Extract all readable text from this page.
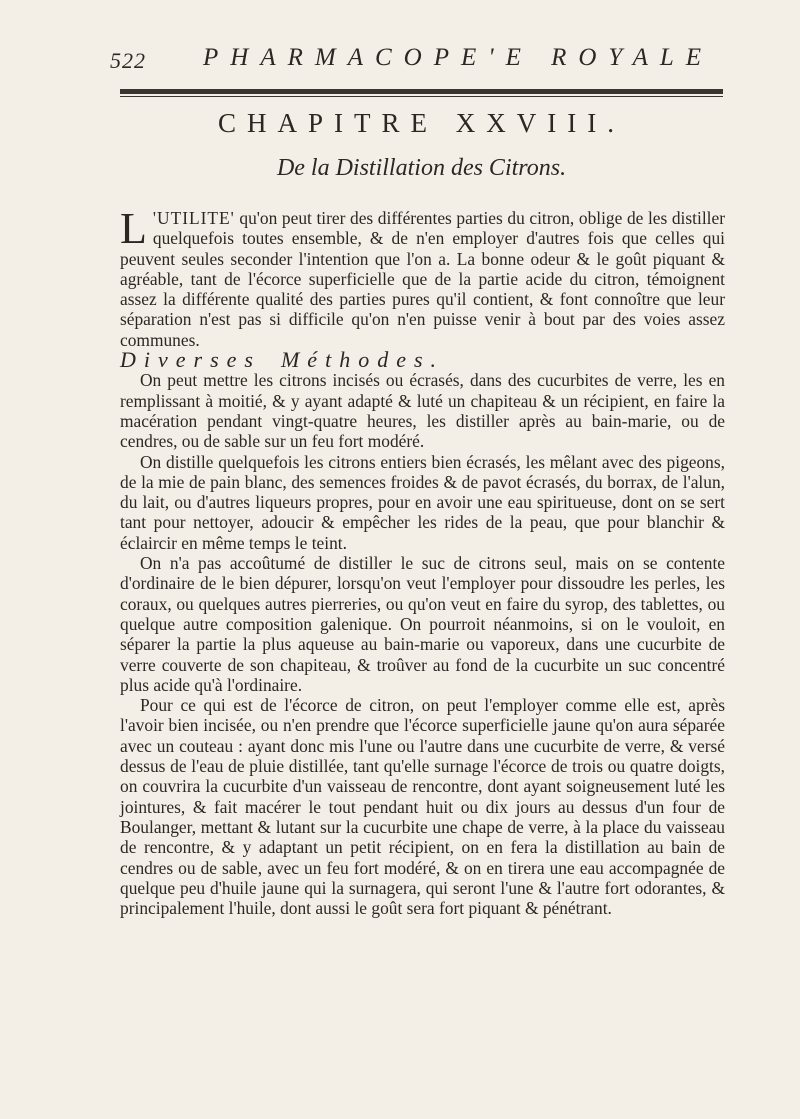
522 PHARMACOPE'E ROYALE
CHAPITRE XXVIII.
De la Distillation des Citrons.

L 'UTILITE' qu'on peut tirer des différentes parties du citron, oblige de les distiller quelquefois toutes ensemble, & de n'en employer d'autres fois que celles qui peuvent seules seconder l'intention que l'on a. La bonne odeur & le goût piquant & agréable, tant de l'écorce superficielle que de la partie acide du citron, témoignent assez la différente qualité des parties pures qu'il contient, & font connoître que leur séparation n'est pas si difficile qu'on n'en puisse venir à bout par des voies assez communes.

Diverses Méthodes.

On peut mettre les citrons incisés ou écrasés, dans des cucurbites de verre, les en remplissant à moitié, & y ayant adapté & luté un chapiteau & un récipient, en faire la macération pendant vingt-quatre heures, les distiller après au bain-marie, ou de cendres, ou de sable sur un feu fort modéré.

On distille quelquefois les citrons entiers bien écrasés, les mêlant avec des pigeons, de la mie de pain blanc, des semences froides & de pavot écrasés, du borrax, de l'alun, du lait, ou d'autres liqueurs propres, pour en avoir une eau spiritueuse, dont on se sert tant pour nettoyer, adoucir & empêcher les rides de la peau, que pour blanchir & éclaircir en même temps le teint.

On n'a pas accoûtumé de distiller le suc de citrons seul, mais on se contente d'ordinaire de le bien dépurer, lorsqu'on veut l'employer pour dissoudre les perles, les coraux, ou quelques autres pierreries, ou qu'on veut en faire du syrop, des tablettes, ou quelque autre composition galenique. On pourroit néanmoins, si on le vouloit, en séparer la partie la plus aqueuse au bain-marie ou vaporeux, dans une cucurbite de verre couverte de son chapiteau, & troûver au fond de la cucurbite un suc concentré plus acide qu'à l'ordinaire.

Pour ce qui est de l'écorce de citron, on peut l'employer comme elle est, après l'avoir bien incisée, ou n'en prendre que l'écorce superficielle jaune qu'on aura séparée avec un couteau : ayant donc mis l'une ou l'autre dans une cucurbite de verre, & versé dessus de l'eau de pluie distillée, tant qu'elle surnage l'écorce de trois ou quatre doigts, on couvrira la cucurbite d'un vaisseau de rencontre, dont ayant soigneusement luté les jointures, & fait macérer le tout pendant huit ou dix jours au dessus d'un four de Boulanger, mettant & lutant sur la cucurbite une chape de verre, à la place du vaisseau de rencontre, & y adaptant un petit récipient, on en fera la distillation au bain de cendres ou de sable, avec un feu fort modéré, & on en tirera une eau accompagnée de quelque peu d'huile jaune qui la surnagera, qui seront l'une & l'autre fort odorantes, & principalement l'huile, dont aussi le goût sera fort piquant & pénétrant.
